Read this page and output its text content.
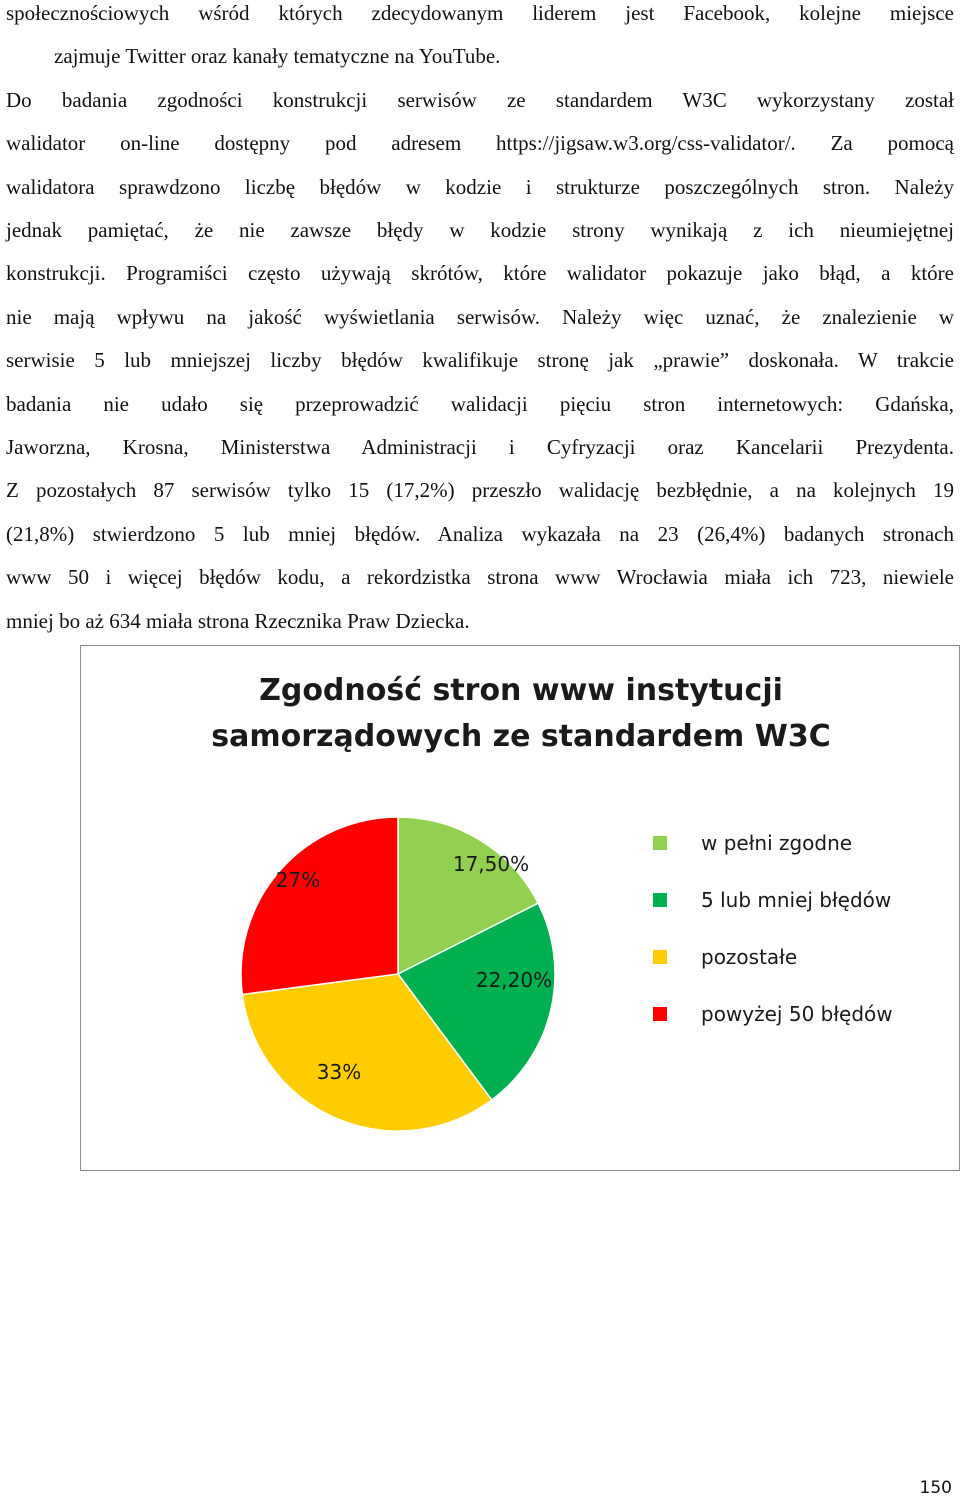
społecznościowych wśród których zdecydowanym liderem jest Facebook, kolejne miejsce
zajmuje Twitter oraz kanały tematyczne na YouTube.
Do badania zgodności konstrukcji serwisów ze standardem W3C wykorzystany został
walidator on-line dostępny pod adresem https://jigsaw.w3.org/css-validator/. Za pomocą
walidatora sprawdzono liczbę błędów w kodzie i strukturze poszczególnych stron. Należy
jednak pamiętać, że nie zawsze błędy w kodzie strony wynikają z ich nieumiejętnej
konstrukcji. Programiści często używają skrótów, które walidator pokazuje jako błąd, a które
nie mają wpływu na jakość wyświetlania serwisów. Należy więc uznać, że znalezienie w
serwisie 5 lub mniejszej liczby błędów kwalifikuje stronę jak „prawie” doskonała. W trakcie
badania nie udało się przeprowadzić walidacji pięciu stron internetowych: Gdańska,
Jaworzna, Krosna, Ministerstwa Administracji i Cyfryzacji oraz Kancelarii Prezydenta.
Z pozostałych 87 serwisów tylko 15 (17,2%) przeszło walidację bezbłędnie, a na kolejnych 19
(21,8%) stwierdzono 5 lub mniej błędów. Analiza wykazała na 23 (26,4%) badanych stronach
www 50 i więcej błędów kodu, a rekordzistka strona www Wrocławia miała ich 723, niewiele
mniej bo aż 634 miała strona Rzecznika Praw Dziecka.
Zgodność stron www instytucji
samorządowych ze standardem W3C
17,50%
22,20%
33%
27%
w pełni zgodne
5 lub mniej błędów
pozostałe
powyżej 50 błędów
150
